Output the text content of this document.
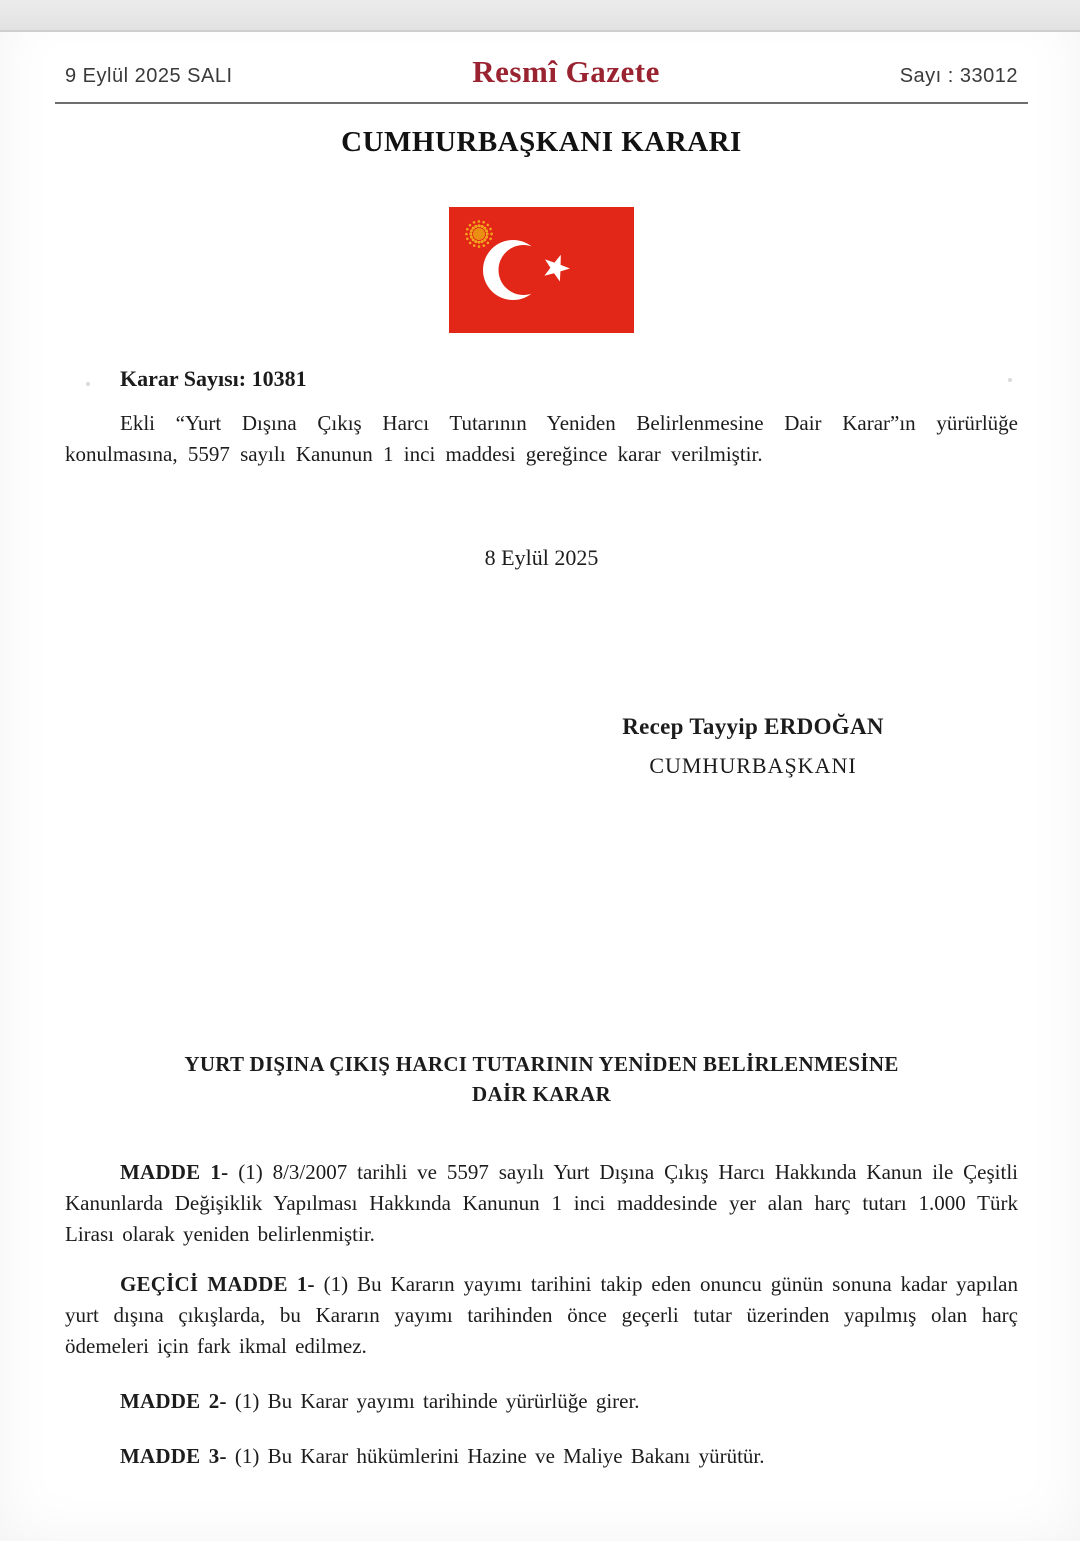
9 Eylül 2025 SALI	Resmî Gazete	Sayı : 33012
CUMHURBAŞKANI KARARI
Karar Sayısı: 10381

Ekli “Yurt Dışına Çıkış Harcı Tutarının Yeniden Belirlenmesine Dair Karar”ın yürürlüğe konulmasına, 5597 sayılı Kanunun 1 inci maddesi gereğince karar verilmiştir.

8 Eylül 2025
Recep Tayyip ERDOĞAN
CUMHURBAŞKANI
YURT DIŞINA ÇIKIŞ HARCI TUTARININ YENİDEN BELİRLENMESİNE
DAİR KARAR

MADDE 1- (1) 8/3/2007 tarihli ve 5597 sayılı Yurt Dışına Çıkış Harcı Hakkında Kanun ile Çeşitli Kanunlarda Değişiklik Yapılması Hakkında Kanunun 1 inci maddesinde yer alan harç tutarı 1.000 Türk Lirası olarak yeniden belirlenmiştir.

GEÇİCİ MADDE 1- (1) Bu Kararın yayımı tarihini takip eden onuncu günün sonuna kadar yapılan yurt dışına çıkışlarda, bu Kararın yayımı tarihinden önce geçerli tutar üzerinden yapılmış olan harç ödemeleri için fark ikmal edilmez.

MADDE 2- (1) Bu Karar yayımı tarihinde yürürlüğe girer.

MADDE 3- (1) Bu Karar hükümlerini Hazine ve Maliye Bakanı yürütür.
